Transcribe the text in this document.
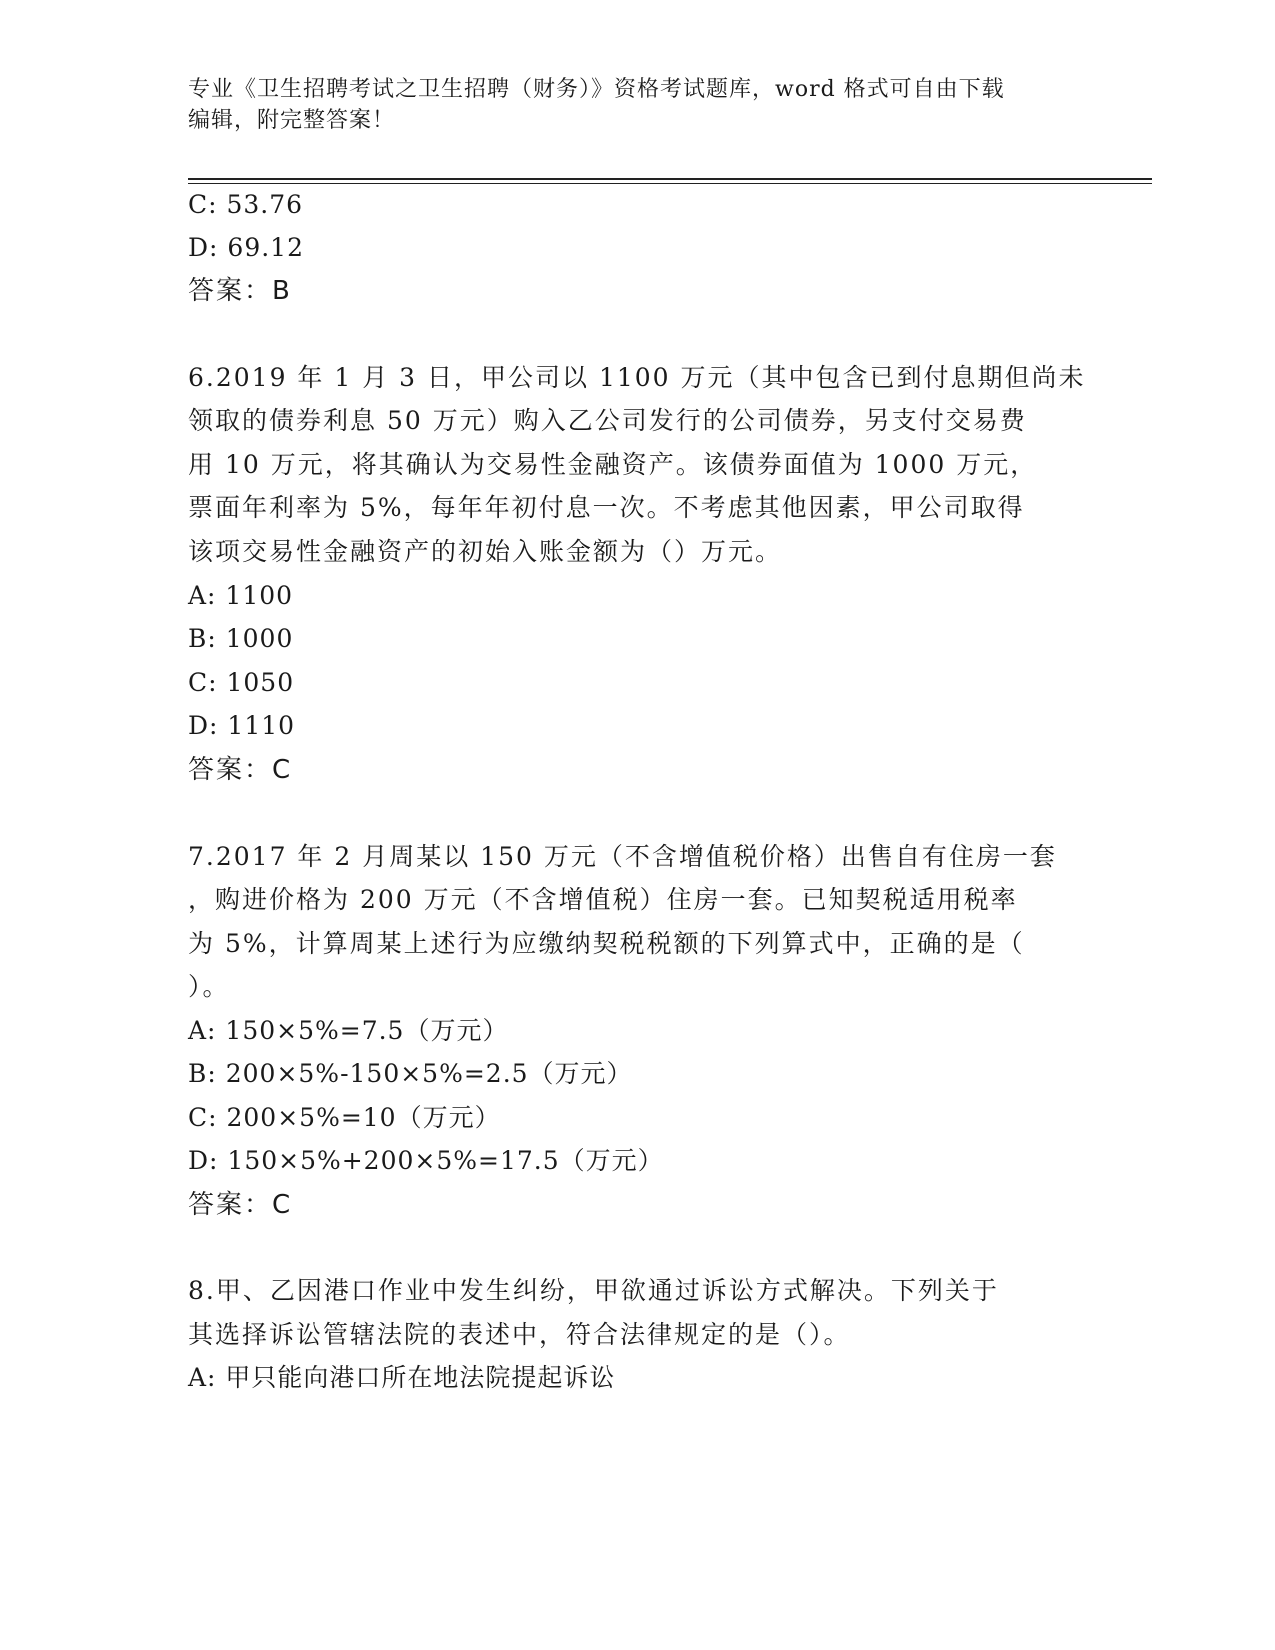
专业《卫生招聘考试之卫生招聘（财务）》资格考试题库，word 格式可自由下载
编辑，附完整答案！
C: 53.76
D: 69.12
答案：B
6.2019 年 1 月 3 日，甲公司以 1100 万元（其中包含已到付息期但尚未
领取的债券利息 50 万元）购入乙公司发行的公司债券，另支付交易费
用 10 万元，将其确认为交易性金融资产。该债券面值为 1000 万元，
票面年利率为 5%，每年年初付息一次。不考虑其他因素，甲公司取得
该项交易性金融资产的初始入账金额为（）万元。
A: 1100
B: 1000
C: 1050
D: 1110
答案：C
7.2017 年 2 月周某以 150 万元（不含增值税价格）出售自有住房一套
，购进价格为 200 万元（不含增值税）住房一套。已知契税适用税率
为 5%，计算周某上述行为应缴纳契税税额的下列算式中，正确的是（
）。
A: 150×5%=7.5（万元）
B: 200×5%-150×5%=2.5（万元）
C: 200×5%=10（万元）
D: 150×5%+200×5%=17.5（万元）
答案：C
8.甲、乙因港口作业中发生纠纷，甲欲通过诉讼方式解决。下列关于
其选择诉讼管辖法院的表述中，符合法律规定的是（）。
A: 甲只能向港口所在地法院提起诉讼
